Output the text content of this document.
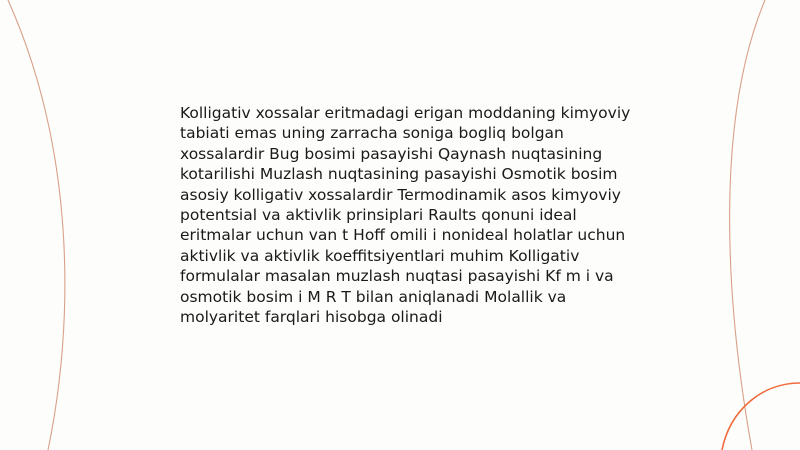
Kolligativ xossalar eritmadagi erigan moddaning kimyoviy tabiati emas uning zarracha soniga bogliq bolgan xossalardir Bug bosimi pasayishi Qaynash nuqtasining kotarilishi Muzlash nuqtasining pasayishi Osmotik bosim asosiy kolligativ xossalardir Termodinamik asos kimyoviy potentsial va aktivlik prinsiplari Raults qonuni ideal eritmalar uchun van t Hoff omili i nonideal holatlar uchun aktivlik va aktivlik koeffitsiyentlari muhim Kolligativ formulalar masalan muzlash nuqtasi pasayishi Kf m i va osmotik bosim i M R T bilan aniqlanadi Molallik va molyaritet farqlari hisobga olinadi
